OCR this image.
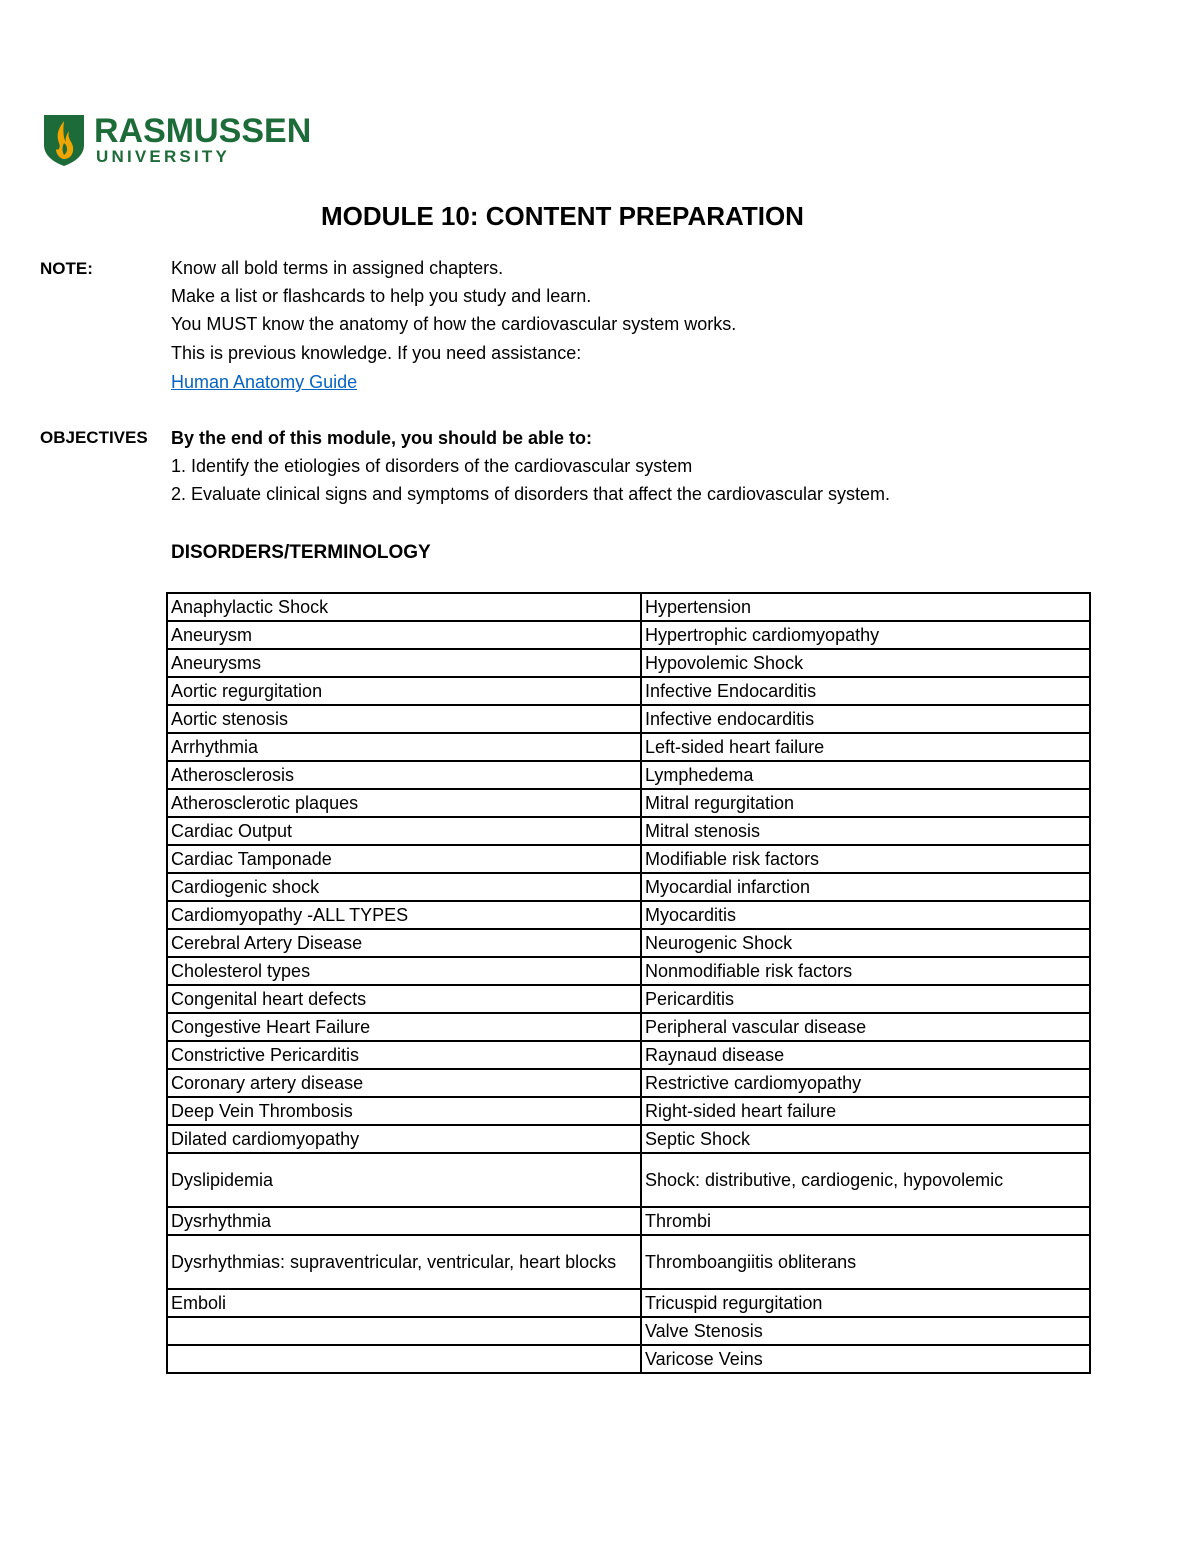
RASMUSSEN
UNIVERSITY
MODULE 10: CONTENT PREPARATION
NOTE:	Know all bold terms in assigned chapters.
Make a list or flashcards to help you study and learn.
You MUST know the anatomy of how the cardiovascular system works.
This is previous knowledge. If you need assistance:
Human Anatomy Guide
OBJECTIVES By the end of this module, you should be able to:
1. Identify the etiologies of disorders of the cardiovascular system
2. Evaluate clinical signs and symptoms of disorders that affect the cardiovascular system.
DISORDERS/TERMINOLOGY
Anaphylactic Shock	Hypertension
Aneurysm	Hypertrophic cardiomyopathy
Aneurysms	Hypovolemic Shock
Aortic regurgitation	Infective Endocarditis
Aortic stenosis	Infective endocarditis
Arrhythmia	Left-sided heart failure
Atherosclerosis	Lymphedema
Atherosclerotic plaques	Mitral regurgitation
Cardiac Output	Mitral stenosis
Cardiac Tamponade	Modifiable risk factors
Cardiogenic shock	Myocardial infarction
Cardiomyopathy -ALL TYPES	Myocarditis
Cerebral Artery Disease	Neurogenic Shock
Cholesterol types	Nonmodifiable risk factors
Congenital heart defects	Pericarditis
Congestive Heart Failure	Peripheral vascular disease
Constrictive Pericarditis	Raynaud disease
Coronary artery disease	Restrictive cardiomyopathy
Deep Vein Thrombosis	Right-sided heart failure
Dilated cardiomyopathy	Septic Shock
Dyslipidemia	Shock: distributive, cardiogenic, hypovolemic
Dysrhythmia	Thrombi
Dysrhythmias: supraventricular, ventricular, heart blocks	Thromboangiitis obliterans
Emboli	Tricuspid regurgitation
	Valve Stenosis
	Varicose Veins
